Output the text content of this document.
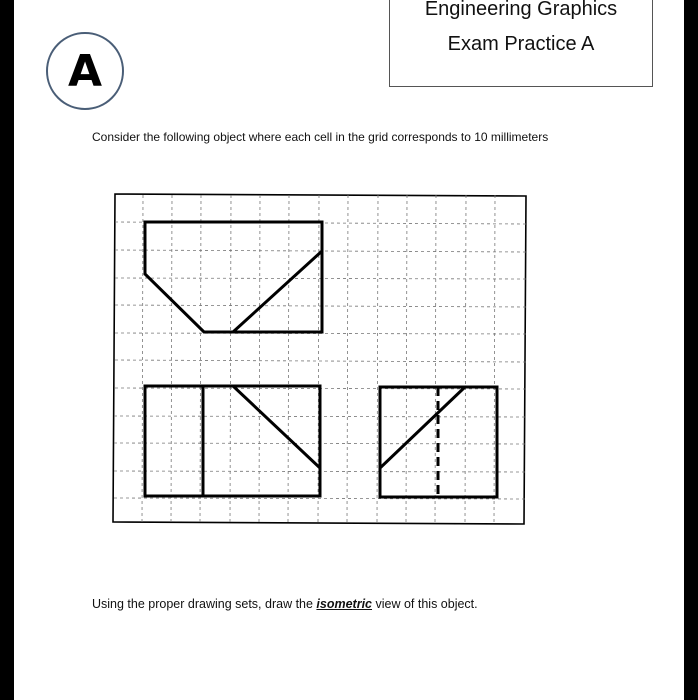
Engineering Graphics
Exam Practice A
A
Consider the following object where each cell in the grid corresponds to 10 millimeters
Using the proper drawing sets, draw the isometric view of this object.
